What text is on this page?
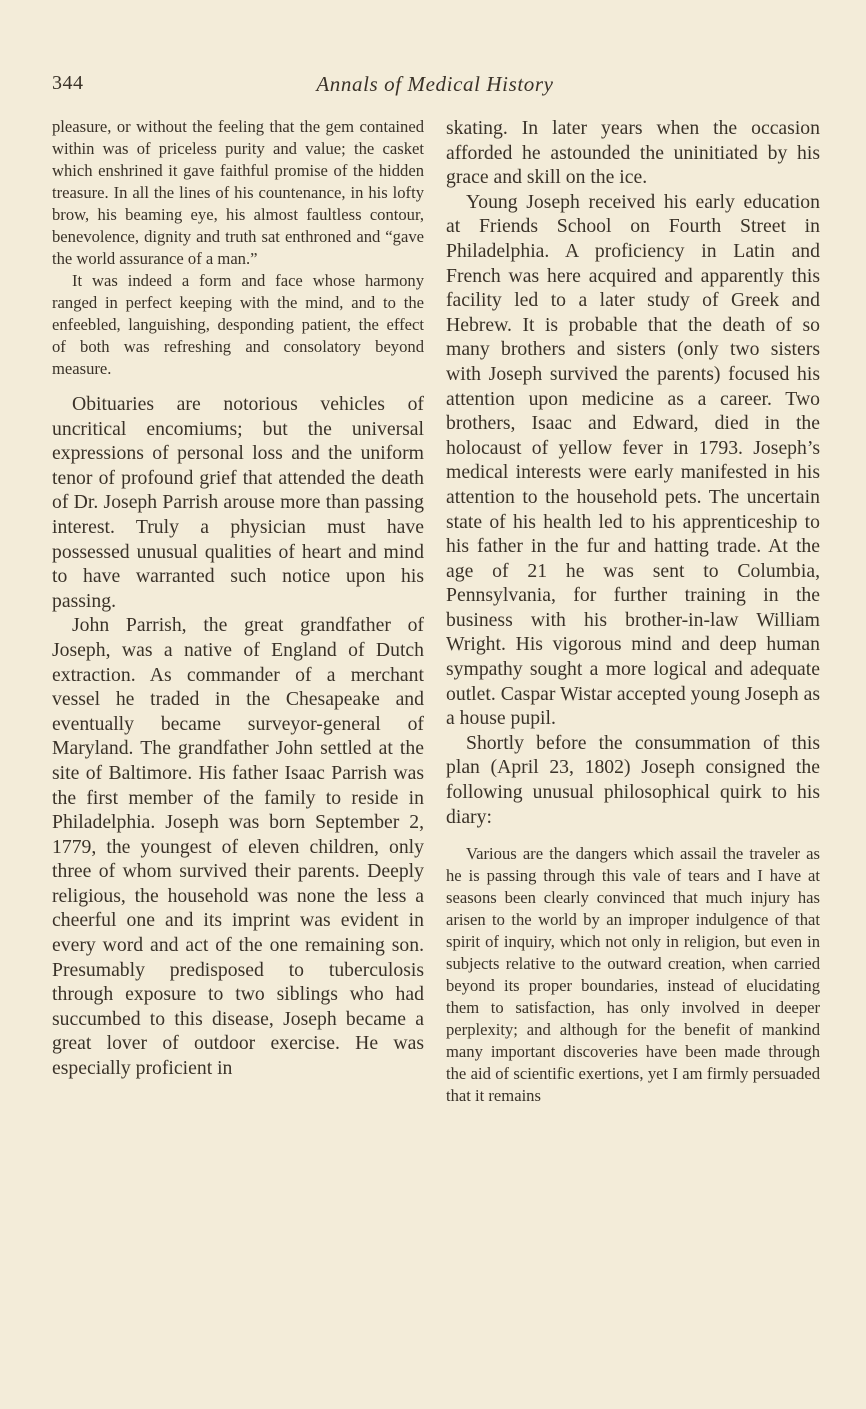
344	Annals of Medical History

pleasure, or without the feeling that the gem contained within was of priceless purity and value; the casket which enshrined it gave faithful promise of the hidden treasure. In all the lines of his countenance, in his lofty brow, his beaming eye, his almost faultless contour, benevolence, dignity and truth sat enthroned and “gave the world assurance of a man.”

It was indeed a form and face whose harmony ranged in perfect keeping with the mind, and to the enfeebled, languishing, desponding patient, the effect of both was refreshing and consolatory beyond measure.

Obituaries are notorious vehicles of uncritical encomiums; but the universal expressions of personal loss and the uniform tenor of profound grief that attended the death of Dr. Joseph Parrish arouse more than passing interest. Truly a physician must have possessed unusual qualities of heart and mind to have warranted such notice upon his passing.

John Parrish, the great grandfather of Joseph, was a native of England of Dutch extraction. As commander of a merchant vessel he traded in the Chesapeake and eventually became surveyor-general of Maryland. The grandfather John settled at the site of Baltimore. His father Isaac Parrish was the first member of the family to reside in Philadelphia. Joseph was born September 2, 1779, the youngest of eleven children, only three of whom survived their parents. Deeply religious, the household was none the less a cheerful one and its imprint was evident in every word and act of the one remaining son. Presumably predisposed to tuberculosis through exposure to two siblings who had succumbed to this disease, Joseph became a great lover of outdoor exercise. He was especially proficient in

skating. In later years when the occasion afforded he astounded the uninitiated by his grace and skill on the ice.

Young Joseph received his early education at Friends School on Fourth Street in Philadelphia. A proficiency in Latin and French was here acquired and apparently this facility led to a later study of Greek and Hebrew. It is probable that the death of so many brothers and sisters (only two sisters with Joseph survived the parents) focused his attention upon medicine as a career. Two brothers, Isaac and Edward, died in the holocaust of yellow fever in 1793. Joseph’s medical interests were early manifested in his attention to the household pets. The uncertain state of his health led to his apprenticeship to his father in the fur and hatting trade. At the age of 21 he was sent to Columbia, Pennsylvania, for further training in the business with his brother-in-law William Wright. His vigorous mind and deep human sympathy sought a more logical and adequate outlet. Caspar Wistar accepted young Joseph as a house pupil.

Shortly before the consummation of this plan (April 23, 1802) Joseph consigned the following unusual philosophical quirk to his diary:

Various are the dangers which assail the traveler as he is passing through this vale of tears and I have at seasons been clearly convinced that much injury has arisen to the world by an improper indulgence of that spirit of inquiry, which not only in religion, but even in subjects relative to the outward creation, when carried beyond its proper boundaries, instead of elucidating them to satisfaction, has only involved in deeper perplexity; and although for the benefit of mankind many important discoveries have been made through the aid of scientific exertions, yet I am firmly persuaded that it remains
